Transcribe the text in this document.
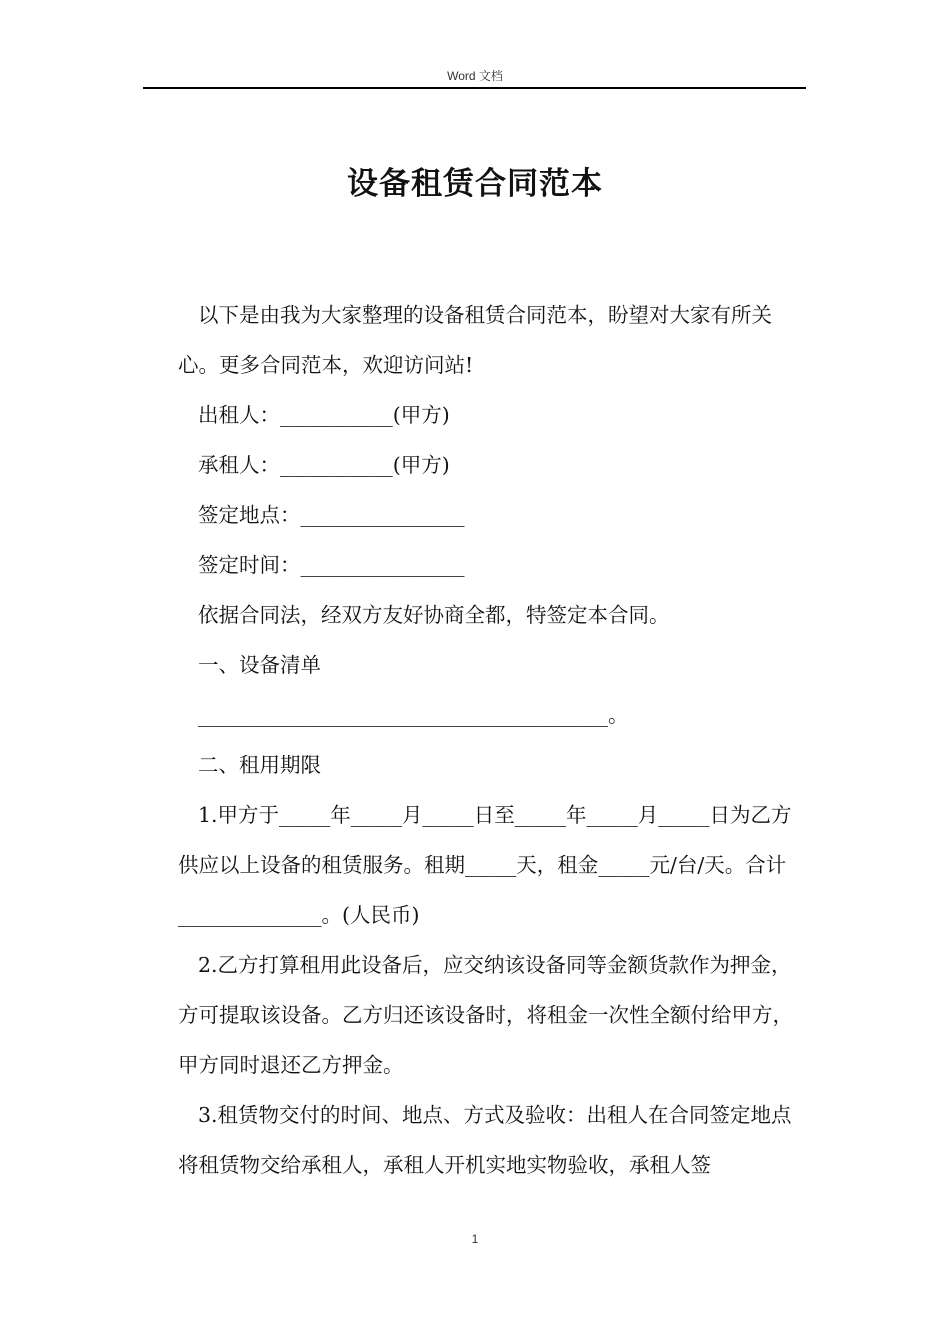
Word 文档
设备租赁合同范本

以下是由我为大家整理的设备租赁合同范本，盼望对大家有所关心。更多合同范本，欢迎访问站!

出租人：___________(甲方)

承租人：___________(甲方)

签定地点：________________

签定时间：________________

依据合同法，经双方友好协商全都，特签定本合同。

一、设备清单

________________________________________。

二、租用期限

1.甲方于_____年_____月_____日至_____年_____月_____日为乙方供应以上设备的租赁服务。租期_____天，租金_____元/台/天。合计______________。(人民币)

2.乙方打算租用此设备后，应交纳该设备同等金额货款作为押金，方可提取该设备。乙方归还该设备时，将租金一次性全额付给甲方，甲方同时退还乙方押金。

3.租赁物交付的时间、地点、方式及验收：出租人在合同签定地点将租赁物交给承租人，承租人开机实地实物验收，承租人签

1
